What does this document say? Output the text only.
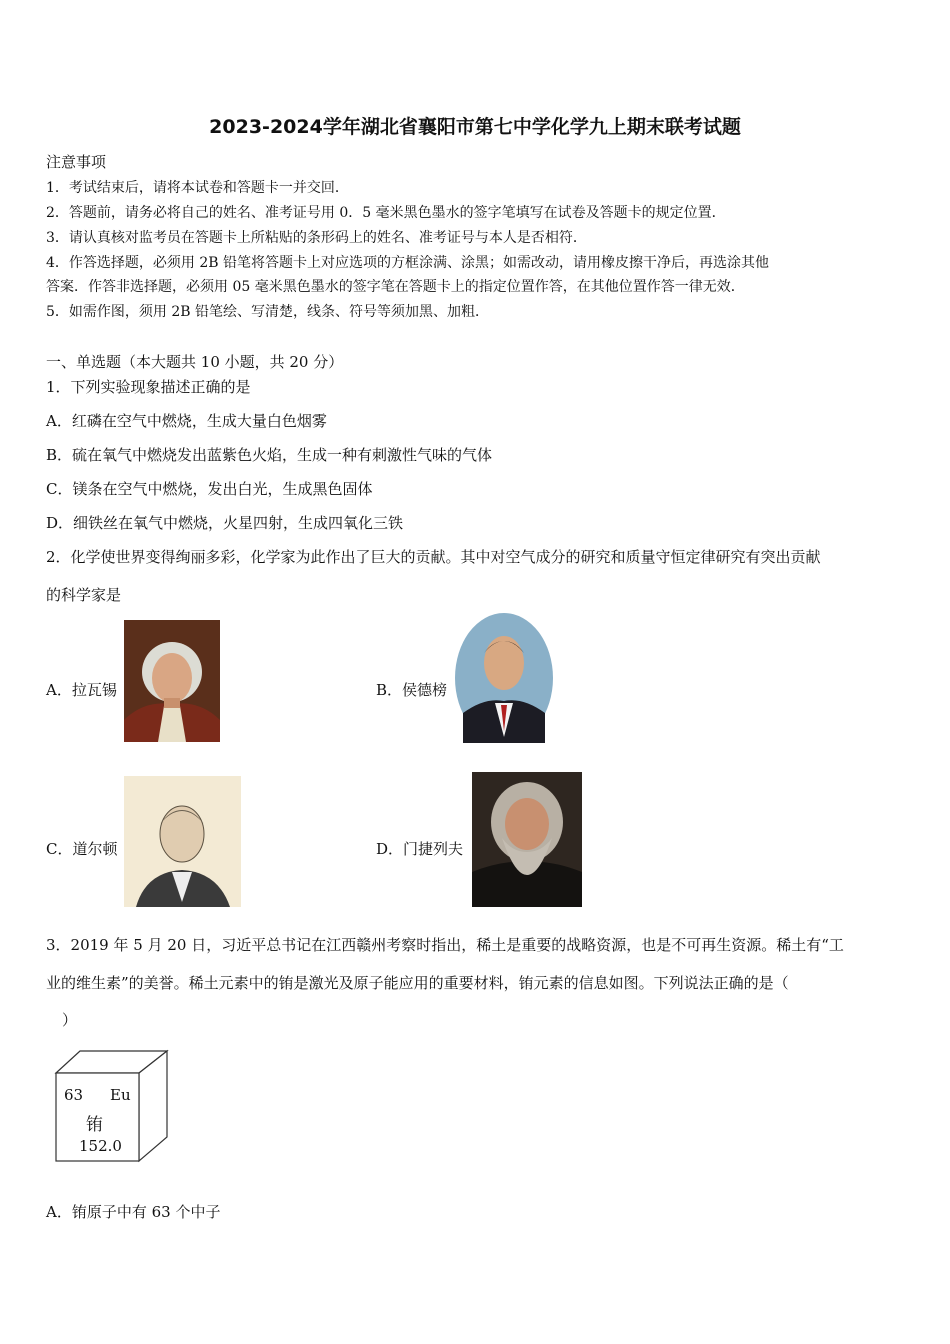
2023-2024学年湖北省襄阳市第七中学化学九上期末联考试题
注意事项
1．考试结束后，请将本试卷和答题卡一并交回．
2．答题前，请务必将自己的姓名、准考证号用 0．5 毫米黑色墨水的签字笔填写在试卷及答题卡的规定位置．
3．请认真核对监考员在答题卡上所粘贴的条形码上的姓名、准考证号与本人是否相符．
4．作答选择题，必须用 2B 铅笔将答题卡上对应选项的方框涂满、涂黑；如需改动，请用橡皮擦干净后，再选涂其他
答案．作答非选择题，必须用 05 毫米黑色墨水的签字笔在答题卡上的指定位置作答，在其他位置作答一律无效．
5．如需作图，须用 2B 铅笔绘、写清楚，线条、符号等须加黑、加粗．
一、单选题（本大题共 10 小题，共 20 分）
1．下列实验现象描述正确的是
A．红磷在空气中燃烧，生成大量白色烟雾
B．硫在氧气中燃烧发出蓝紫色火焰，生成一种有刺激性气味的气体
C．镁条在空气中燃烧，发出白光，生成黑色固体
D．细铁丝在氧气中燃烧，火星四射，生成四氧化三铁
2．化学使世界变得绚丽多彩，化学家为此作出了巨大的贡献。其中对空气成分的研究和质量守恒定律研究有突出贡献
的科学家是
A．拉瓦锡	B．侯德榜
C．道尔顿	D．门捷列夫
3．2019 年 5 月 20 日，习近平总书记在江西赣州考察时指出，稀土是重要的战略资源，也是不可再生资源。稀土有“工
业的维生素”的美誉。稀土元素中的铕是激光及原子能应用的重要材料，铕元素的信息如图。下列说法正确的是（
）
63 Eu
铕
152.0
A．铕原子中有 63 个中子
